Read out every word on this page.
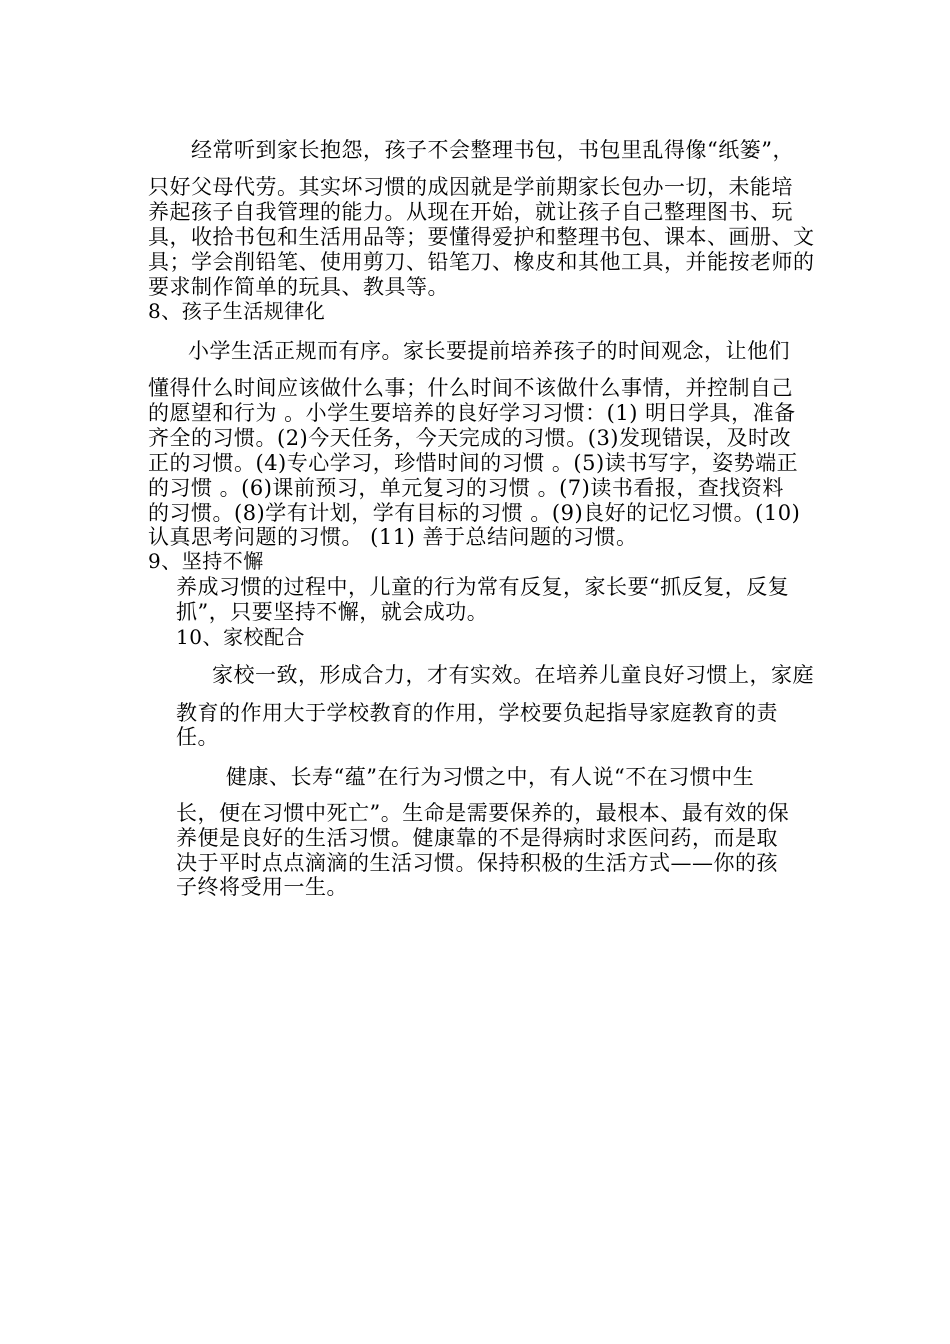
经常听到家长抱怨，孩子不会整理书包，书包里乱得像“纸篓”，
只好父母代劳。其实坏习惯的成因就是学前期家长包办一切，未能培
养起孩子自我管理的能力。从现在开始，就让孩子自己整理图书、玩
具，收拾书包和生活用品等；要懂得爱护和整理书包、课本、画册、文
具；学会削铅笔、使用剪刀、铅笔刀、橡皮和其他工具，并能按老师的
要求制作简单的玩具、教具等。
8、孩子生活规律化
小学生活正规而有序。家长要提前培养孩子的时间观念，让他们
懂得什么时间应该做什么事；什么时间不该做什么事情，并控制自己
的愿望和行为 。小学生要培养的良好学习习惯：(1) 明日学具，准备
齐全的习惯。(2)今天任务，今天完成的习惯。(3)发现错误，及时改
正的习惯。(4)专心学习，珍惜时间的习惯 。(5)读书写字，姿势端正
的习惯 。(6)课前预习，单元复习的习惯 。(7)读书看报，查找资料
的习惯。(8)学有计划，学有目标的习惯 。(9)良好的记忆习惯。(10)
认真思考问题的习惯。 (11) 善于总结问题的习惯。
9、坚持不懈
养成习惯的过程中，儿童的行为常有反复，家长要“抓反复，反复
抓”，只要坚持不懈，就会成功。
10、家校配合
家校一致，形成合力，才有实效。在培养儿童良好习惯上，家庭
教育的作用大于学校教育的作用，学校要负起指导家庭教育的责
任。
健康、长寿“蕴”在行为习惯之中，有人说“不在习惯中生
长，便在习惯中死亡”。生命是需要保养的，最根本、最有效的保
养便是良好的生活习惯。健康靠的不是得病时求医问药，而是取
决于平时点点滴滴的生活习惯。保持积极的生活方式——你的孩
子终将受用一生。
